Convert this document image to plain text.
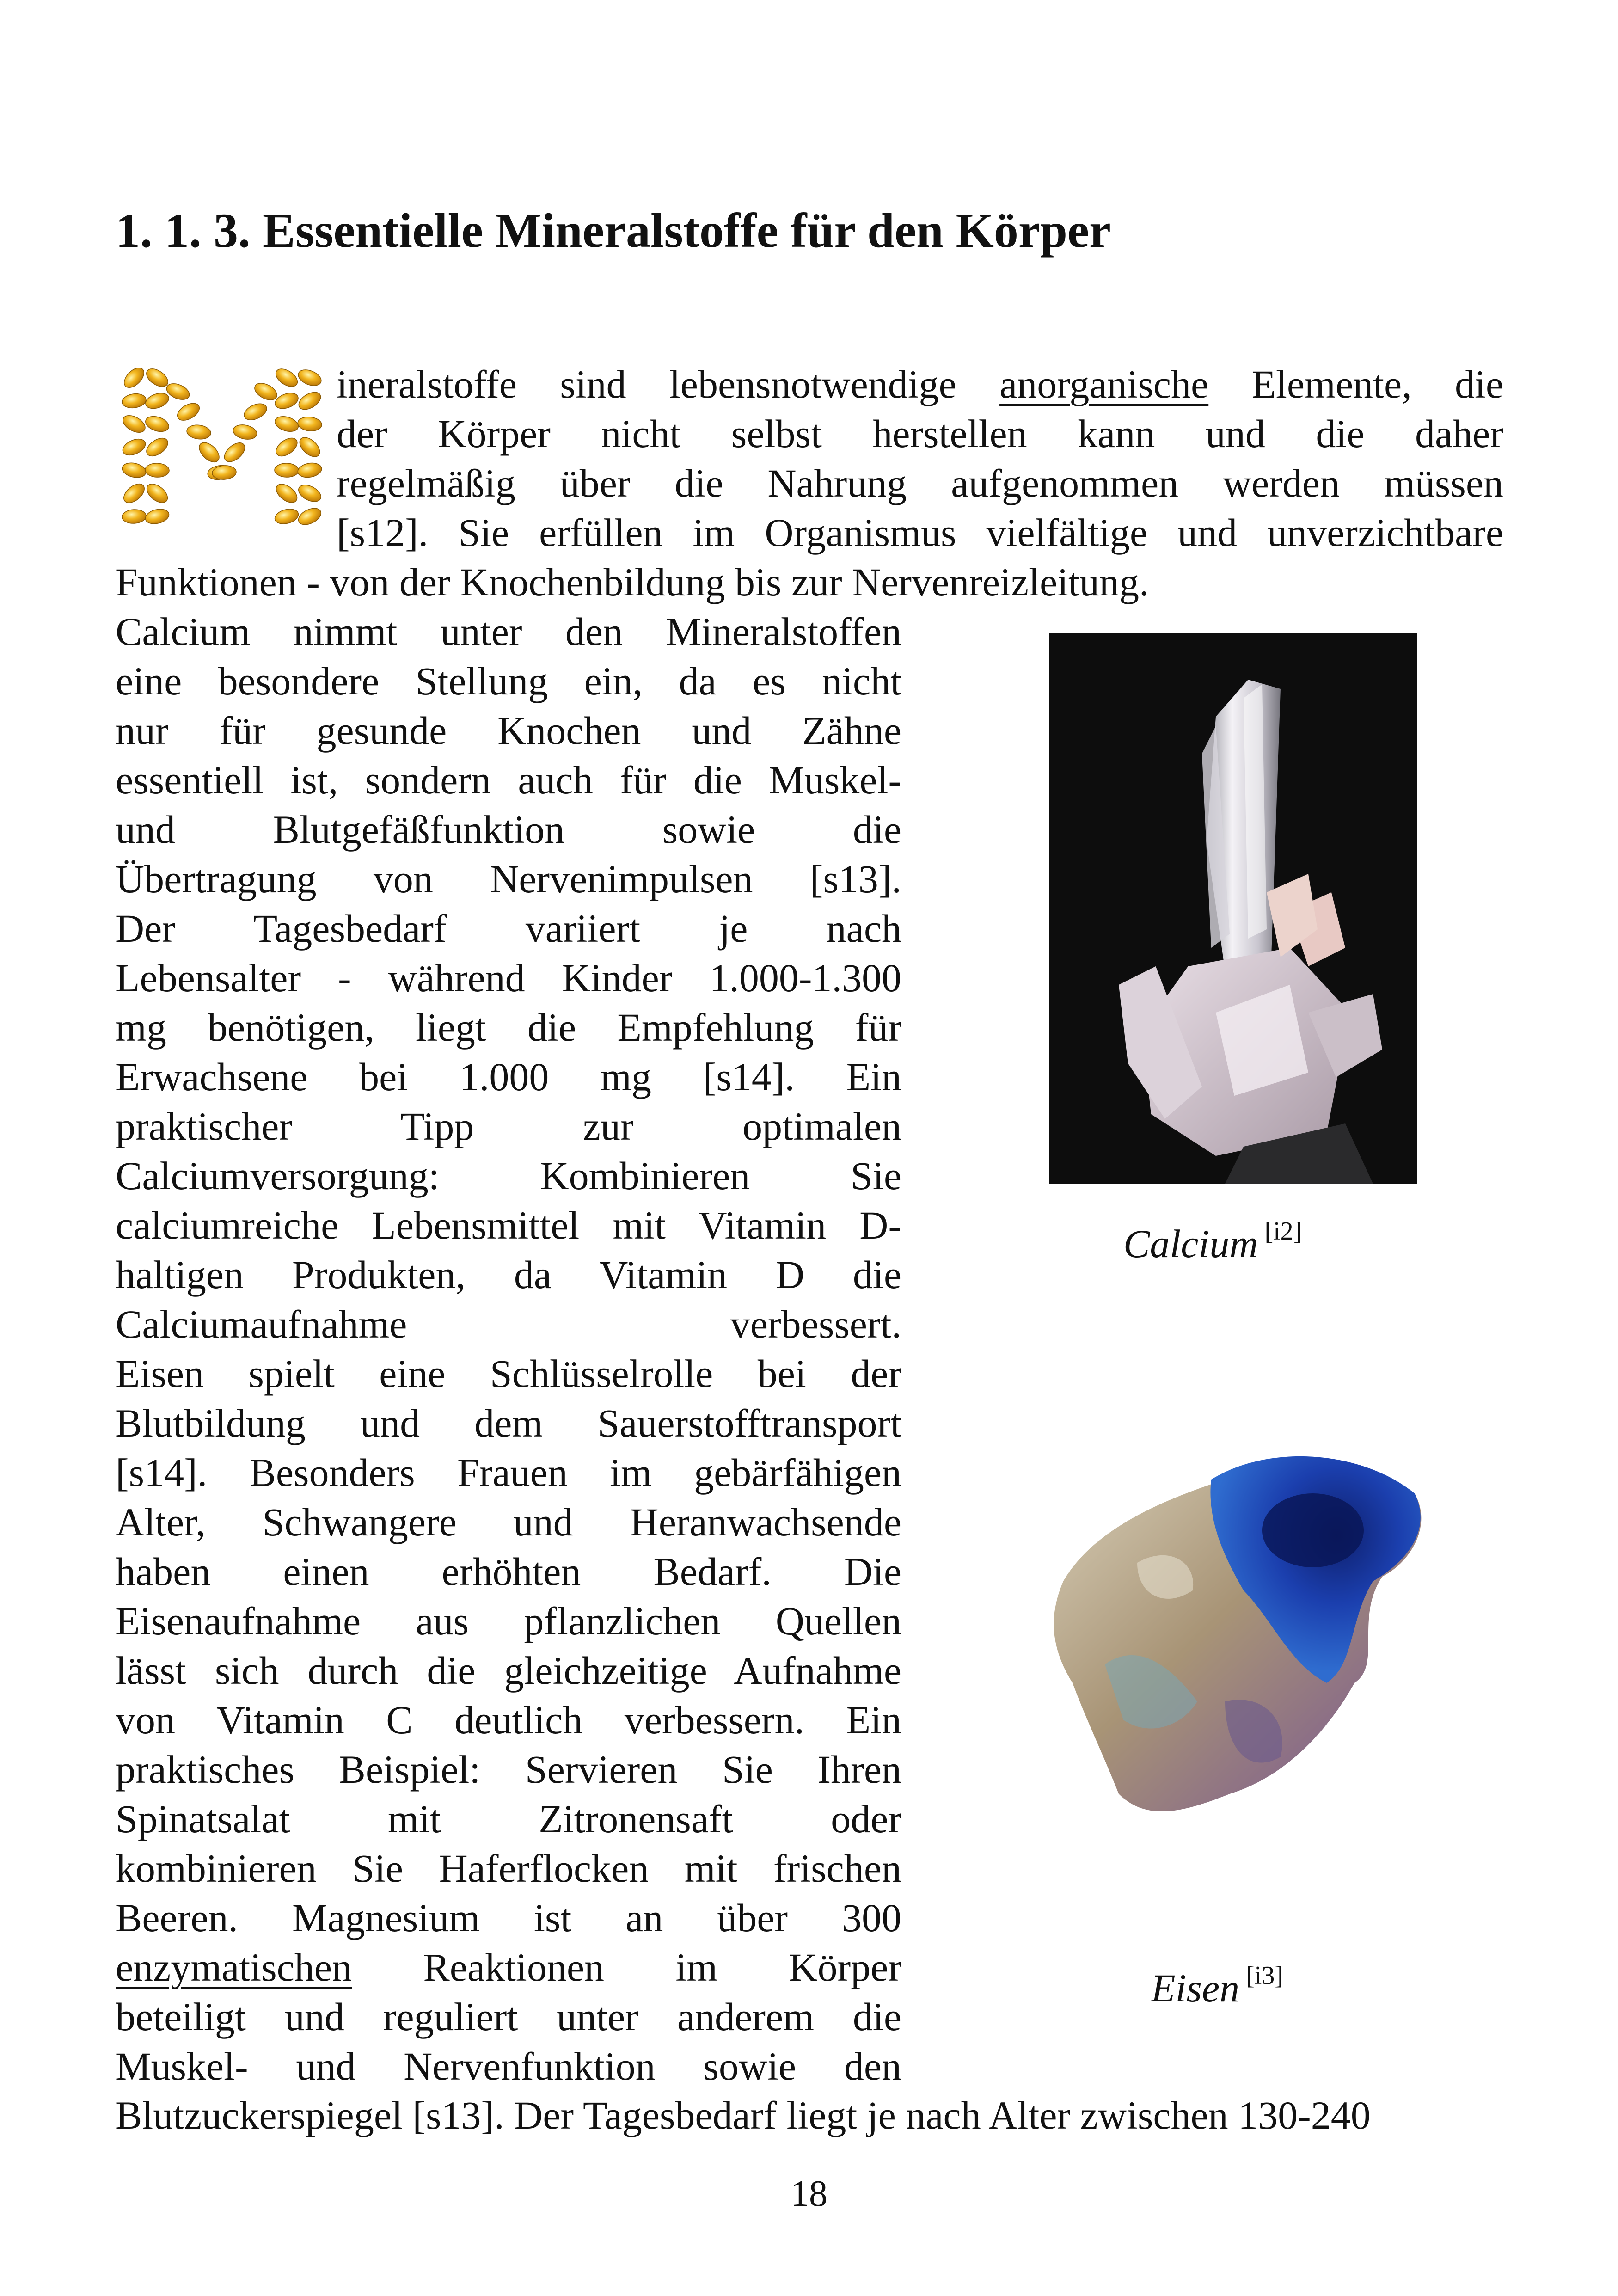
1. 1. 3. Essentielle Mineralstoffe für den Körper
ineralstoffe sind lebensnotwendige anorganische Elemente, die
der Körper nicht selbst herstellen kann und die daher
regelmäßig über die Nahrung aufgenommen werden müssen
[s12]. Sie erfüllen im Organismus vielfältige und unverzichtbare
Funktionen - von der Knochenbildung bis zur Nervenreizleitung.
Calcium nimmt unter den Mineralstoffen
eine besondere Stellung ein, da es nicht
nur für gesunde Knochen und Zähne
essentiell ist, sondern auch für die Muskel-
und Blutgefäßfunktion sowie die
Übertragung von Nervenimpulsen [s13].
Der Tagesbedarf variiert je nach
Lebensalter - während Kinder 1.000-1.300
mg benötigen, liegt die Empfehlung für
Erwachsene bei 1.000 mg [s14]. Ein
praktischer Tipp zur optimalen
Calciumversorgung: Kombinieren Sie
calciumreiche Lebensmittel mit Vitamin D-
haltigen Produkten, da Vitamin D die
Calciumaufnahme verbessert.
Eisen spielt eine Schlüsselrolle bei der
Blutbildung und dem Sauerstofftransport
[s14]. Besonders Frauen im gebärfähigen
Alter, Schwangere und Heranwachsende
haben einen erhöhten Bedarf. Die
Eisenaufnahme aus pflanzlichen Quellen
lässt sich durch die gleichzeitige Aufnahme
von Vitamin C deutlich verbessern. Ein
praktisches Beispiel: Servieren Sie Ihren
Spinatsalat mit Zitronensaft oder
kombinieren Sie Haferflocken mit frischen
Beeren. Magnesium ist an über 300
enzymatischen Reaktionen im Körper
beteiligt und reguliert unter anderem die
Muskel- und Nervenfunktion sowie den
Blutzuckerspiegel [s13]. Der Tagesbedarf liegt je nach Alter zwischen 130-240
Calcium [i2]
Eisen [i3]
18
